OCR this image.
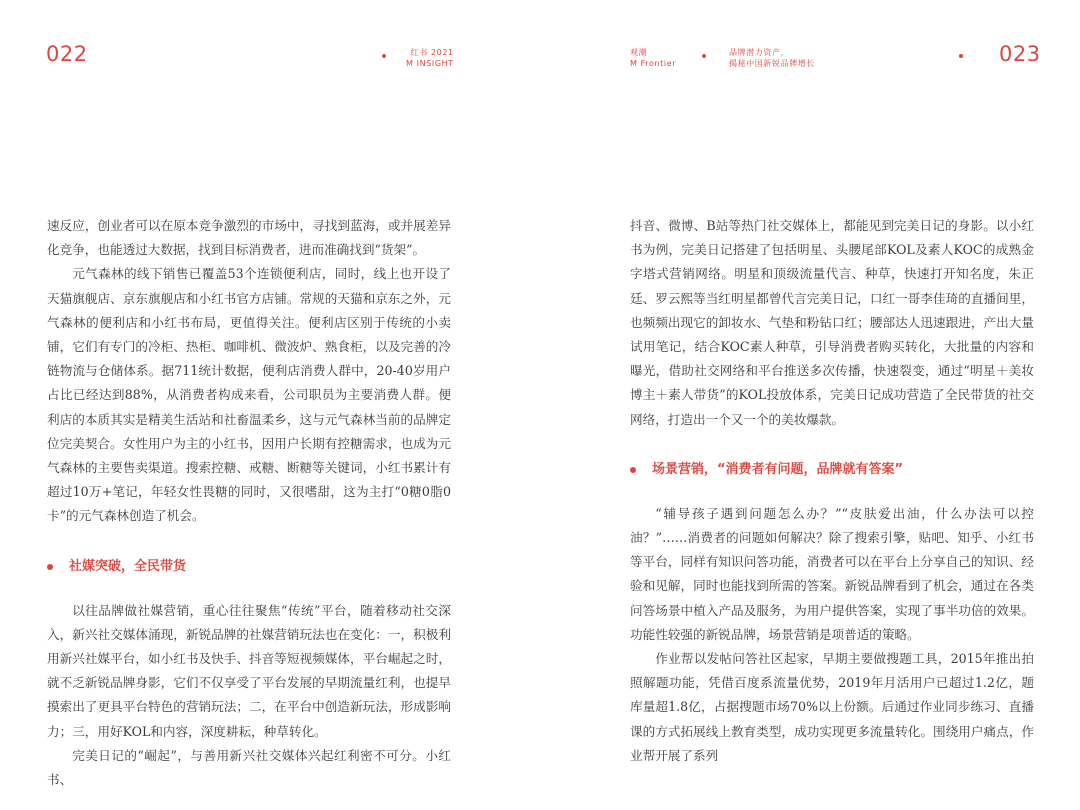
022	红书 2021
M INSIGHT

速反应，创业者可以在原本竞争激烈的市场中，寻找到蓝海，或并展差异化竞争，也能透过大数据，找到目标消费者，进而准确找到“货架”。

元气森林的线下销售已覆盖53个连锁便利店，同时，线上也开设了天猫旗舰店、京东旗舰店和小红书官方店铺。常规的天猫和京东之外，元气森林的便利店和小红书布局，更值得关注。便利店区别于传统的小卖铺，它们有专门的冷柜、热柜、咖啡机、微波炉、熟食柜，以及完善的冷链物流与仓储体系。据711统计数据，便利店消费人群中，20-40岁用户占比已经达到88%，从消费者构成来看，公司职员为主要消费人群。便利店的本质其实是精美生活站和社畜温柔乡，这与元气森林当前的品牌定位完美契合。女性用户为主的小红书，因用户长期有控糖需求，也成为元气森林的主要售卖渠道。搜索控糖、戒糖、断糖等关键词，小红书累计有超过10万+笔记，年轻女性畏糖的同时，又很嗜甜，这为主打“0糖0脂0卡”的元气森林创造了机会。

社媒突破，全民带货

以往品牌做社媒营销，重心往往聚焦“传统”平台，随着移动社交深入，新兴社交媒体涌现，新锐品牌的社媒营销玩法也在变化：一，积极利用新兴社媒平台，如小红书及快手、抖音等短视频媒体，平台崛起之时，就不乏新锐品牌身影，它们不仅享受了平台发展的早期流量红利，也提早摸索出了更具平台特色的营销玩法；二，在平台中创造新玩法，形成影响力；三，用好KOL和内容，深度耕耘，种草转化。

完美日记的“崛起”，与善用新兴社交媒体兴起红利密不可分。小红书、

观潮
M Frontier
品牌潜力资产，
揭秘中国新锐品牌增长	023

抖音、微博、B站等热门社交媒体上，都能见到完美日记的身影。以小红书为例，完美日记搭建了包括明星、头腰尾部KOL及素人KOC的成熟金字塔式营销网络。明星和顶级流量代言、种草，快速打开知名度，朱正廷、罗云熙等当红明星都曾代言完美日记，口红一哥李佳琦的直播间里，也频频出现它的卸妆水、气垫和粉钻口红；腰部达人迅速跟进，产出大量试用笔记，结合KOC素人种草，引导消费者购买转化，大批量的内容和曝光，借助社交网络和平台推送多次传播，快速裂变，通过“明星＋美妆博主＋素人带货”的KOL投放体系，完美日记成功营造了全民带货的社交网络，打造出一个又一个的美妆爆款。

场景营销，“消费者有问题，品牌就有答案”

“辅导孩子遇到问题怎么办？”“皮肤爱出油，什么办法可以控油？”……消费者的问题如何解决？除了搜索引擎，贴吧、知乎、小红书等平台，同样有知识问答功能，消费者可以在平台上分享自己的知识、经验和见解，同时也能找到所需的答案。新锐品牌看到了机会，通过在各类问答场景中植入产品及服务，为用户提供答案，实现了事半功倍的效果。功能性较强的新锐品牌，场景营销是项普适的策略。

作业帮以发帖问答社区起家，早期主要做搜题工具，2015年推出拍照解题功能，凭借百度系流量优势，2019年月活用户已超过1.2亿，题库量超1.8亿，占据搜题市场70%以上份额。后通过作业同步练习、直播课的方式拓展线上教育类型，成功实现更多流量转化。围绕用户痛点，作业帮开展了系列
